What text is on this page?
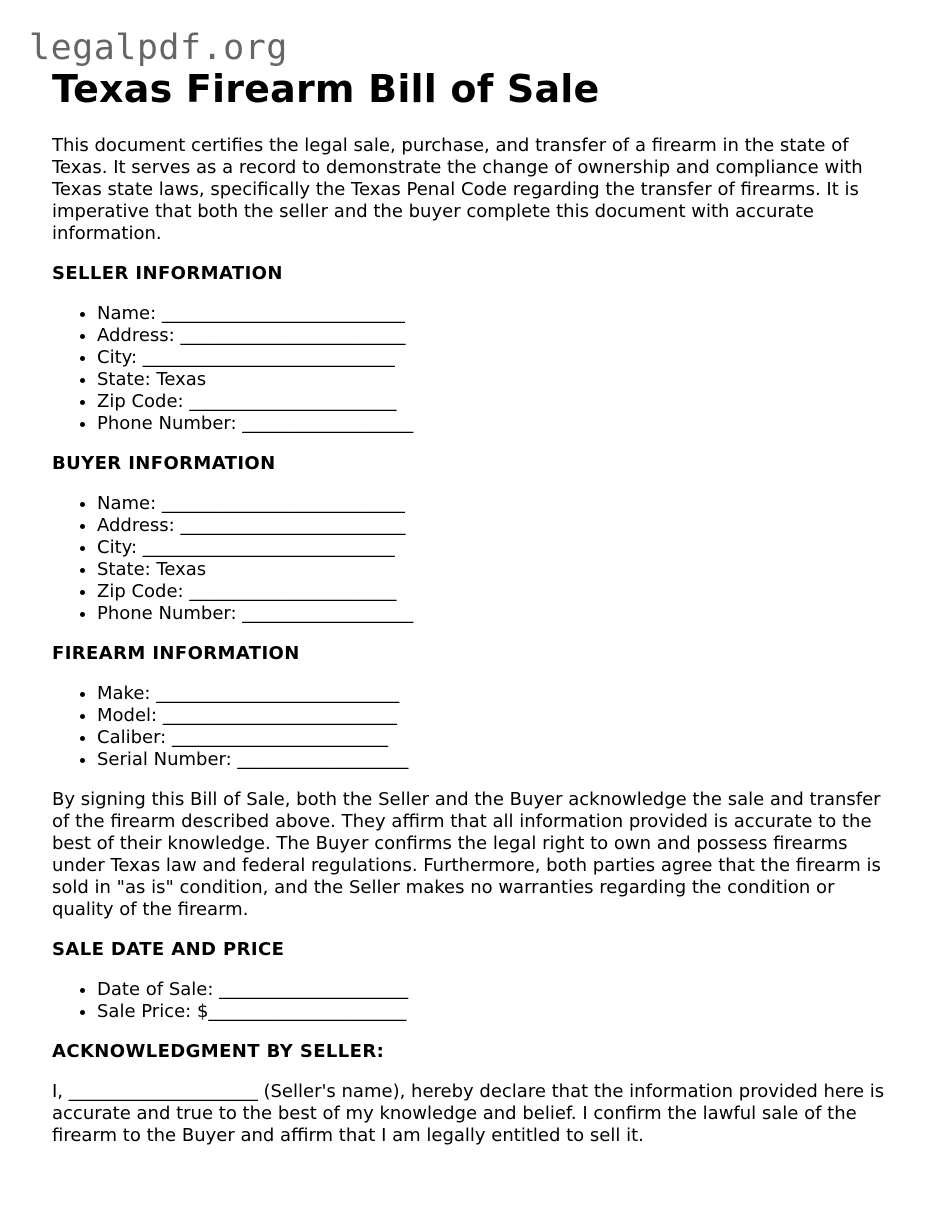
legalpdf.org
Texas Firearm Bill of Sale

This document certifies the legal sale, purchase, and transfer of a firearm in the state of Texas. It serves as a record to demonstrate the change of ownership and compliance with Texas state laws, specifically the Texas Penal Code regarding the transfer of firearms. It is imperative that both the seller and the buyer complete this document with accurate information.

SELLER INFORMATION
• Name: ___________________________
• Address: _________________________
• City: ____________________________
• State: Texas
• Zip Code: _______________________
• Phone Number: ___________________
BUYER INFORMATION
• Name: ___________________________
• Address: _________________________
• City: ____________________________
• State: Texas
• Zip Code: _______________________
• Phone Number: ___________________
FIREARM INFORMATION
• Make: ___________________________
• Model: __________________________
• Caliber: ________________________
• Serial Number: ___________________

By signing this Bill of Sale, both the Seller and the Buyer acknowledge the sale and transfer of the firearm described above. They affirm that all information provided is accurate to the best of their knowledge. The Buyer confirms the legal right to own and possess firearms under Texas law and federal regulations. Furthermore, both parties agree that the firearm is sold in "as is" condition, and the Seller makes no warranties regarding the condition or quality of the firearm.

SALE DATE AND PRICE
• Date of Sale: _____________________
• Sale Price: $______________________
ACKNOWLEDGMENT BY SELLER:

I, _____________________ (Seller's name), hereby declare that the information provided here is accurate and true to the best of my knowledge and belief. I confirm the lawful sale of the firearm to the Buyer and affirm that I am legally entitled to sell it.
